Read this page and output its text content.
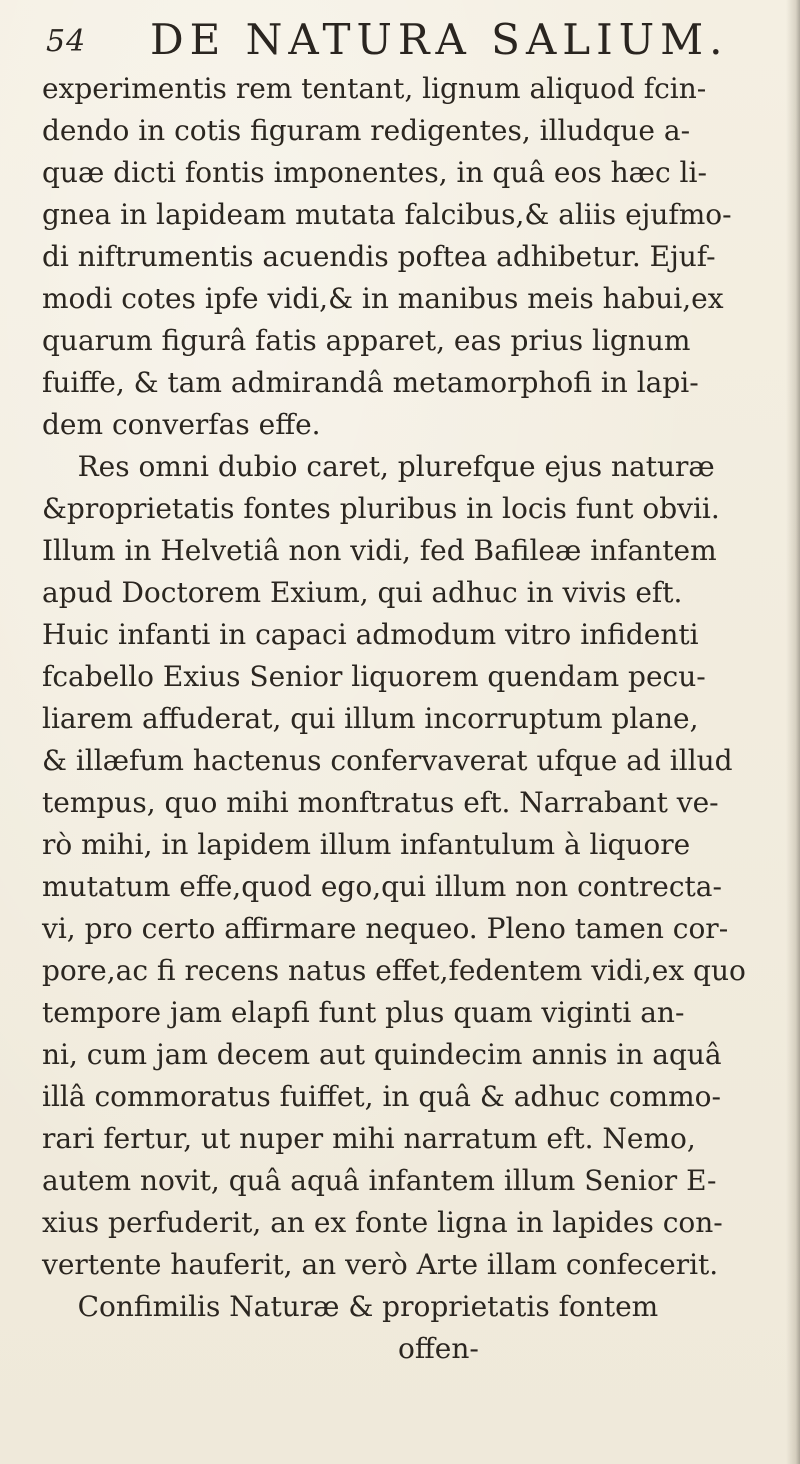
54 DE NATURA SALIUM.
experimentis rem tentant, lignum aliquod fcin-
dendo in cotis figuram redigentes, illudque a-
quæ dicti fontis imponentes, in quâ eos hæc li-
gnea in lapideam mutata falcibus,& aliis ejufmo-
di niftrumentis acuendis poftea adhibetur. Ejuf-
modi cotes ipfe vidi,& in manibus meis habui,ex
quarum figurâ fatis apparet, eas prius lignum
fuiffe, & tam admirandâ metamorphofi in lapi-
dem converfas effe.
Res omni dubio caret, plurefque ejus naturæ
&proprietatis fontes pluribus in locis funt obvii.
Illum in Helvetiâ non vidi, fed Bafileæ infantem
apud Doctorem Exium, qui adhuc in vivis eft.
Huic infanti in capaci admodum vitro infidenti
fcabello Exius Senior liquorem quendam pecu-
liarem affuderat, qui illum incorruptum plane,
& illæfum hactenus confervaverat ufque ad illud
tempus, quo mihi monftratus eft. Narrabant ve-
rò mihi, in lapidem illum infantulum à liquore
mutatum effe,quod ego,qui illum non contrecta-
vi, pro certo affirmare nequeo. Pleno tamen cor-
pore,ac fi recens natus effet,fedentem vidi,ex quo
tempore jam elapfi funt plus quam viginti an-
ni, cum jam decem aut quindecim annis in aquâ
illâ commoratus fuiffet, in quâ & adhuc commo-
rari fertur, ut nuper mihi narratum eft. Nemo,
autem novit, quâ aquâ infantem illum Senior E-
xius perfuderit, an ex fonte ligna in lapides con-
vertente hauferit, an verò Arte illam confecerit.
Confimilis Naturæ & proprietatis fontem
offen-
